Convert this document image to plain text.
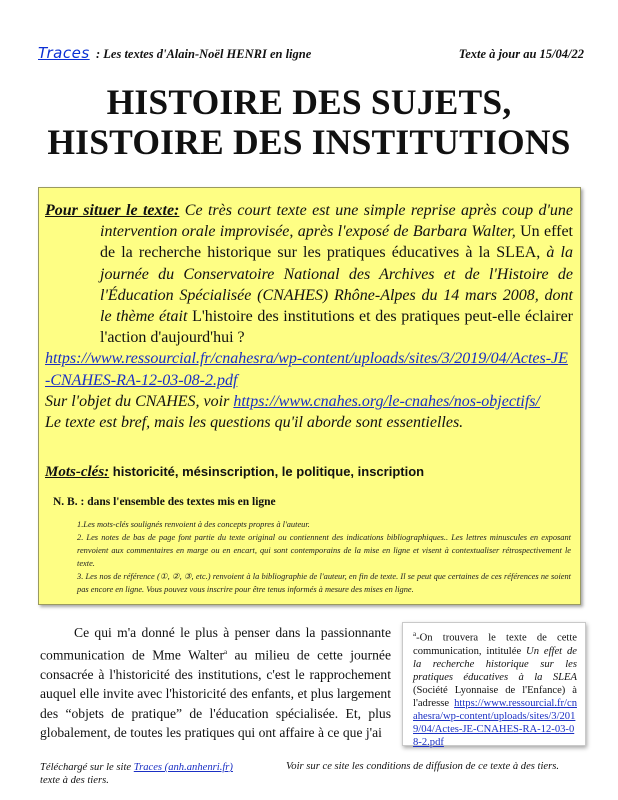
Traces : Les textes d'Alain-Noël HENRI en ligne	Texte à jour au 15/04/22
HISTOIRE DES SUJETS,
HISTOIRE DES INSTITUTIONS

Pour situer le texte: Ce très court texte est une simple reprise après coup d'une intervention orale improvisée, après l'exposé de Barbara Walter, Un effet de la recherche historique sur les pratiques éducatives à la SLEA, à la journée du Conservatoire National des Archives et de l'Histoire de l'Éducation Spécialisée (CNAHES) Rhône-Alpes du 14 mars 2008, dont le thème était L'histoire des institutions et des pratiques peut-elle éclairer l'action d'aujourd'hui ?

https://www.ressourcial.fr/cnahesra/wp-content/uploads/sites/3/2019/04/Actes-JE-CNAHES-RA-12-03-08-2.pdf

Sur l'objet du CNAHES, voir https://www.cnahes.org/le-cnahes/nos-objectifs/

Le texte est bref, mais les questions qu'il aborde sont essentielles.

Mots-clés: historicité, mésinscription, le politique, inscription
N. B. : dans l'ensemble des textes mis en ligne

1.Les mots-clés soulignés renvoient à des concepts propres à l'auteur.

2. Les notes de bas de page font partie du texte original ou contiennent des indications bibliographiques.. Les lettres minuscules en exposant renvoient aux commentaires en marge ou en encart, qui sont contemporains de la mise en ligne et visent à contextualiser rétrospectivement le texte.

3. Les nos de référence (①, ②, ③, etc.) renvoient à la bibliographie de l'auteur, en fin de texte. Il se peut que certaines de ces références ne soient pas encore en ligne. Vous pouvez vous inscrire pour être tenus informés à mesure des mises en ligne.

Ce qui m'a donné le plus à penser dans la passionnante communication de Mme Walter$^a$ au milieu de cette journée consacrée à l'historicité des institutions, c'est le rapprochement auquel elle invite avec l'historicité des enfants, et plus largement des “objets de pratique” de l'éducation spécialisée. Et, plus globalement, de toutes les pratiques qui ont affaire à ce que j'ai

$^a$-On trouvera le texte de cette communication, intitulée Un effet de la recherche historique sur les pratiques éducatives à la SLEA (Société Lyonnaise de l'Enfance) à l'adresse https://www.ressourcial.fr/cnahesra/wp-content/uploads/sites/3/2019/04/Actes-JE-CNAHES-RA-12-03-08-2.pdf
Téléchargé sur le site Traces (anh.anhenri.fr)
texte à des tiers.
Voir sur ce site les conditions de diffusion de ce texte à des tiers.
